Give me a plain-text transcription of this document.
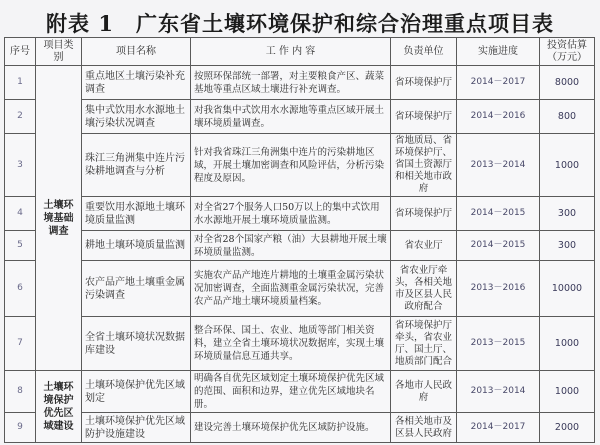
附表 1 广东省土壤环境保护和综合治理重点项目表
序号	项目类别	项目名称	工 作 内 容	负责单位	实施进度	投资估算（万元）
1	土壤环境基础调查	重点地区土壤污染补充调查	按照环保部统一部署，对主要粮食产区、蔬菜基地等重点区域土壤进行补充调查。	省环境保护厅	2014－2017	8000
2		集中式饮用水水源地土壤污染状况调查	对我省集中式饮用水水源地等重点区域开展土壤环境质量调查。	省环境保护厅	2014－2016	800
3		珠江三角洲集中连片污染耕地调查与分析	针对我省珠江三角洲集中连片的污染耕地区域，开展土壤加密调查和风险评估，分析污染程度及原因。	省地质局、省环境保护厅、省国土资源厅和相关地市政府	2013－2014	1000
4		重要饮用水源地土壤环境质量监测	对全省27个服务人口50万以上的集中式饮用水水源地开展土壤环境质量监测。	省环境保护厅	2014－2015	300
5		耕地土壤环境质量监测	对全省28个国家产粮（油）大县耕地开展土壤环境质量监测。	省农业厅	2014－2015	300
6		农产品产地土壤重金属污染调查	实施农产品产地连片耕地的土壤重金属污染状况加密调查，全面监测重金属污染状况，完善农产品产地土壤环境质量档案。	省农业厅牵头，各相关地市及区县人民政府配合	2013－2016	10000
7		全省土壤环境状况数据库建设	整合环保、国土、农业、地质等部门相关资料，建立全省土壤环境状况数据库，实现土壤环境质量信息互通共享。	省环境保护厅牵头，省农业厅、国土厅、地质部门配合	2013－2015	1000
8	土壤环境保护优先区域建设	土壤环境保护优先区域划定	明确各自优先区域划定土壤环境保护优先区域的范围、面积和边界，建立优先区域地块名册。	各地市人民政府	2013－2014	1000
9		土壤环境保护优先区域防护设施建设	建设完善土壤环境保护优先区域防护设施。	各相关地市及区县人民政府	2014－2017	2000
